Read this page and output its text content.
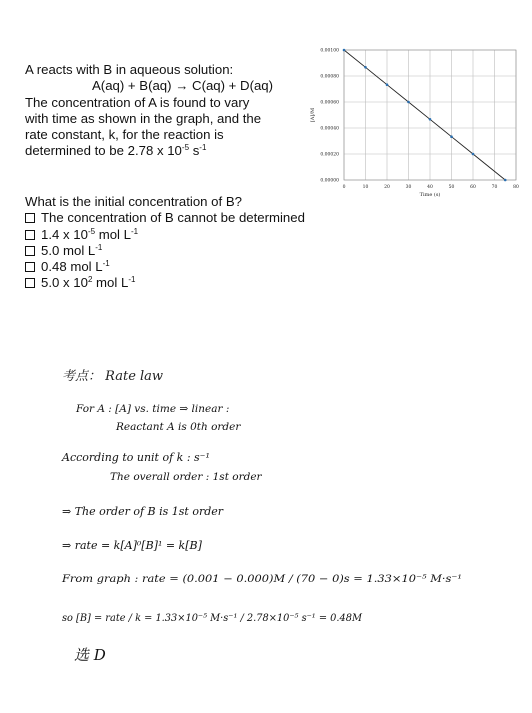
A reacts with B in aqueous solution:
A(aq) + B(aq) → C(aq) + D(aq)
The concentration of A is found to vary
with time as shown in the graph, and the
rate constant, k, for the reaction is
determined to be 2.78 x $10^{-5}$ $s^{-1}$
What is the initial concentration of B?
The concentration of B cannot be determined
1.4 x $10^{-5}$ mol $L^{-1}$
5.0 mol $L^{-1}$
0.48 mol $L^{-1}$
5.0 x $10^2$ mol $L^{-1}$
0	10	20	30	40	50	60	70	80
0.00000
0.00020
0.00040
0.00060
0.00080
0.00100
Time (s)
[A]/M
考点： Rate law
For A : [A] vs. time ⇒ linear :
Reactant A is 0th order
According to unit of k : s⁻¹
The overall order : 1st order
⇒ The order of B is 1st order
⇒ rate = k[A]⁰[B]¹ = k[B]
From graph : rate = (0.001 − 0.000)M / (70 − 0)s = 1.33×10⁻⁵ M·s⁻¹
so [B] = rate / k = 1.33×10⁻⁵ M·s⁻¹ / 2.78×10⁻⁵ s⁻¹ = 0.48M
选 D
